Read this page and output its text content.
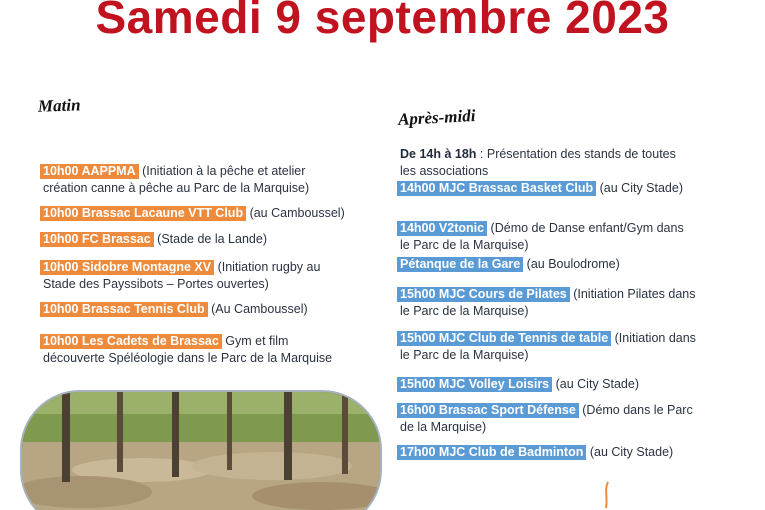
Samedi 9 septembre 2023
Matin
Après-midi
10h00 AAPPMA (Initiation à la pêche et atelier
création canne à pêche au Parc de la Marquise)
10h00 Brassac Lacaune VTT Club (au Camboussel)
10h00 FC Brassac (Stade de la Lande)
10h00 Sidobre Montagne XV (Initiation rugby au
Stade des Payssibots – Portes ouvertes)
10h00 Brassac Tennis Club (Au Camboussel)
10h00 Les Cadets de Brassac Gym et film
découverte Spéléologie dans le Parc de la Marquise
De 14h à 18h : Présentation des stands de toutes
les associations
14h00 MJC Brassac Basket Club (au City Stade)
14h00 V2tonic (Démo de Danse enfant/Gym dans
le Parc de la Marquise)
Pétanque de la Gare (au Boulodrome)
15h00 MJC Cours de Pilates (Initiation Pilates dans
le Parc de la Marquise)
15h00 MJC Club de Tennis de table (Initiation dans
le Parc de la Marquise)
15h00 MJC Volley Loisirs (au City Stade)
16h00 Brassac Sport Défense (Démo dans le Parc
de la Marquise)
17h00 MJC Club de Badminton (au City Stade)
